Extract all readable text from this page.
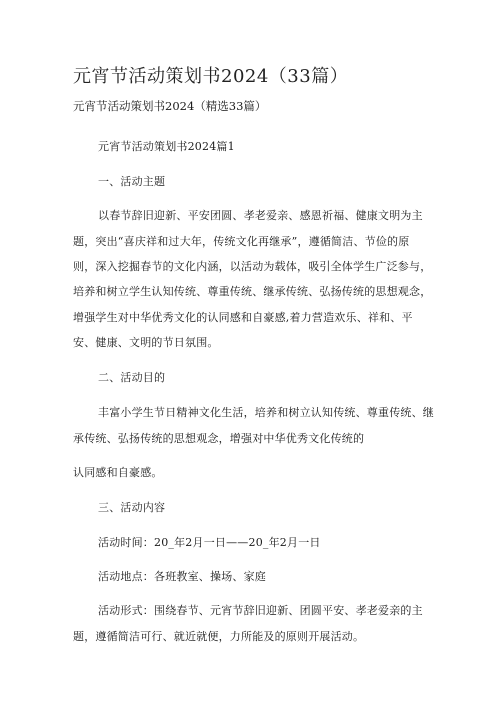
元宵节活动策划书2024（33篇）
元宵节活动策划书2024（精选33篇）
元宵节活动策划书2024篇1
一、活动主题
以春节辞旧迎新、平安团圆、孝老爱亲、感恩祈福、健康文明为主
题，突出“喜庆祥和过大年，传统文化再继承”，遵循简洁、节俭的原
则，深入挖掘春节的文化内涵，以活动为载体，吸引全体学生广泛参与，
培养和树立学生认知传统、尊重传统、继承传统、弘扬传统的思想观念，
增强学生对中华优秀文化的认同感和自豪感,着力营造欢乐、祥和、平
安、健康、文明的节日氛围。
二、活动目的
丰富小学生节日精神文化生活，培养和树立认知传统、尊重传统、继
承传统、弘扬传统的思想观念，增强对中华优秀文化传统的
认同感和自豪感。
三、活动内容
活动时间：20_年2月一日——20_年2月一日
活动地点：各班教室、操场、家庭
活动形式：围绕春节、元宵节辞旧迎新、团圆平安、孝老爱亲的主
题，遵循简洁可行、就近就便，力所能及的原则开展活动。
